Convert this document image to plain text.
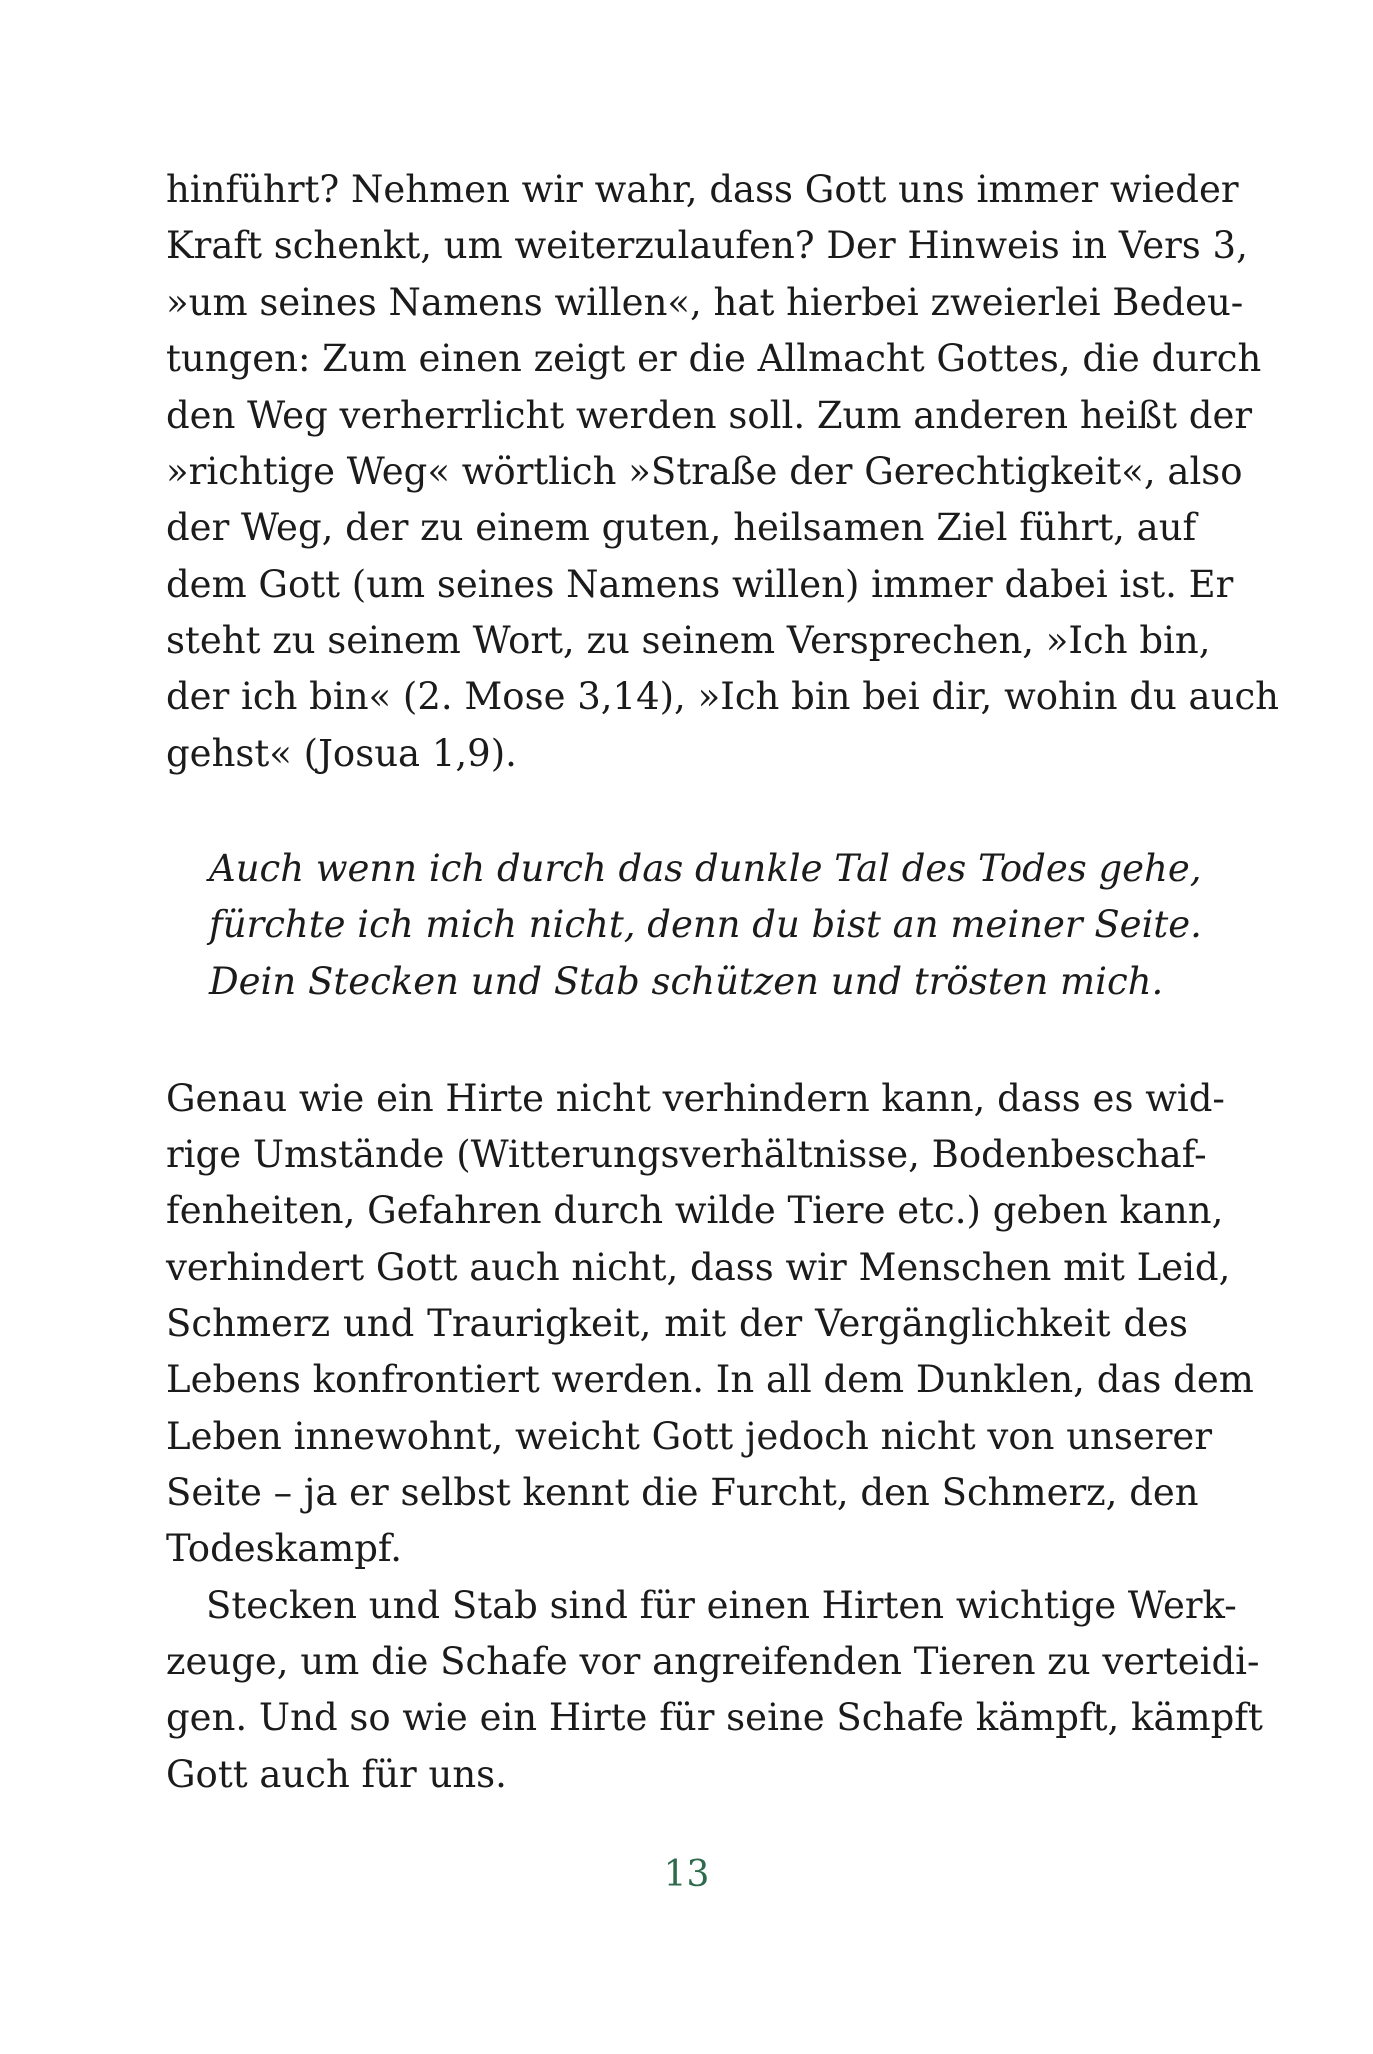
hinführt? Nehmen wir wahr, dass Gott uns immer wieder
Kraft schenkt, um weiterzulaufen? Der Hinweis in Vers 3,
»um seines Namens willen«, hat hierbei zweierlei Bedeu-
tungen: Zum einen zeigt er die Allmacht Gottes, die durch
den Weg verherrlicht werden soll. Zum anderen heißt der
»richtige Weg« wörtlich »Straße der Gerechtigkeit«, also
der Weg, der zu einem guten, heilsamen Ziel führt, auf
dem Gott (um seines Namens willen) immer dabei ist. Er
steht zu seinem Wort, zu seinem Versprechen, »Ich bin,
der ich bin« (2. Mose 3,14), »Ich bin bei dir, wohin du auch
gehst« (Josua 1,9).
Auch wenn ich durch das dunkle Tal des Todes gehe,
fürchte ich mich nicht, denn du bist an meiner Seite.
Dein Stecken und Stab schützen und trösten mich.
Genau wie ein Hirte nicht verhindern kann, dass es wid-
rige Umstände (Witterungsverhältnisse, Bodenbeschaf-
fenheiten, Gefahren durch wilde Tiere etc.) geben kann,
verhindert Gott auch nicht, dass wir Menschen mit Leid,
Schmerz und Traurigkeit, mit der Vergänglichkeit des
Lebens konfrontiert werden. In all dem Dunklen, das dem
Leben innewohnt, weicht Gott jedoch nicht von unserer
Seite – ja er selbst kennt die Furcht, den Schmerz, den
Todeskampf.
Stecken und Stab sind für einen Hirten wichtige Werk-
zeuge, um die Schafe vor angreifenden Tieren zu verteidi-
gen. Und so wie ein Hirte für seine Schafe kämpft, kämpft
Gott auch für uns.
13
